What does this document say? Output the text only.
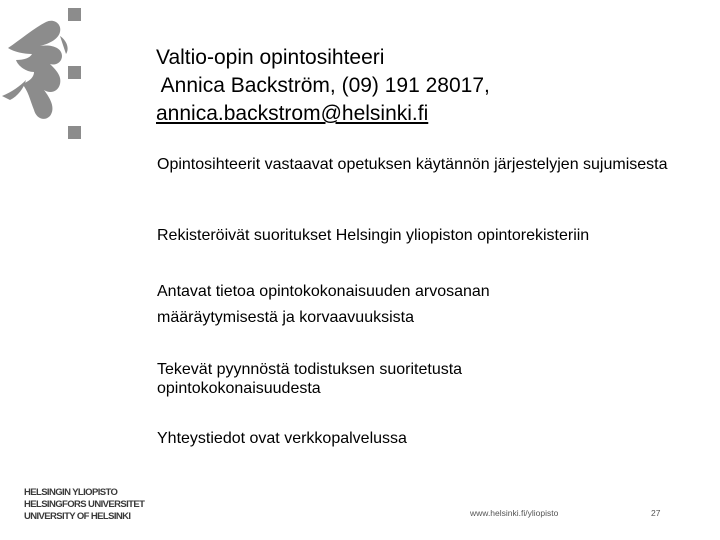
Valtio-opin opintosihteeri
Annica Backström, (09) 191 28017,
annica.backstrom@helsinki.fi
Opintosihteerit vastaavat opetuksen käytännön järjestelyjen sujumisesta
Rekisteröivät suoritukset Helsingin yliopiston opintorekisteriin
Antavat tietoa opintokokonaisuuden arvosanan määräytymisestä ja korvaavuuksista
Tekevät pyynnöstä todistuksen suoritetusta opintokokonaisuudesta
Yhteystiedot ovat verkkopalvelussa
HELSINGIN YLIOPISTO
HELSINGFORS UNIVERSITET
UNIVERSITY OF HELSINKI	www.helsinki.fi/yliopisto	27
